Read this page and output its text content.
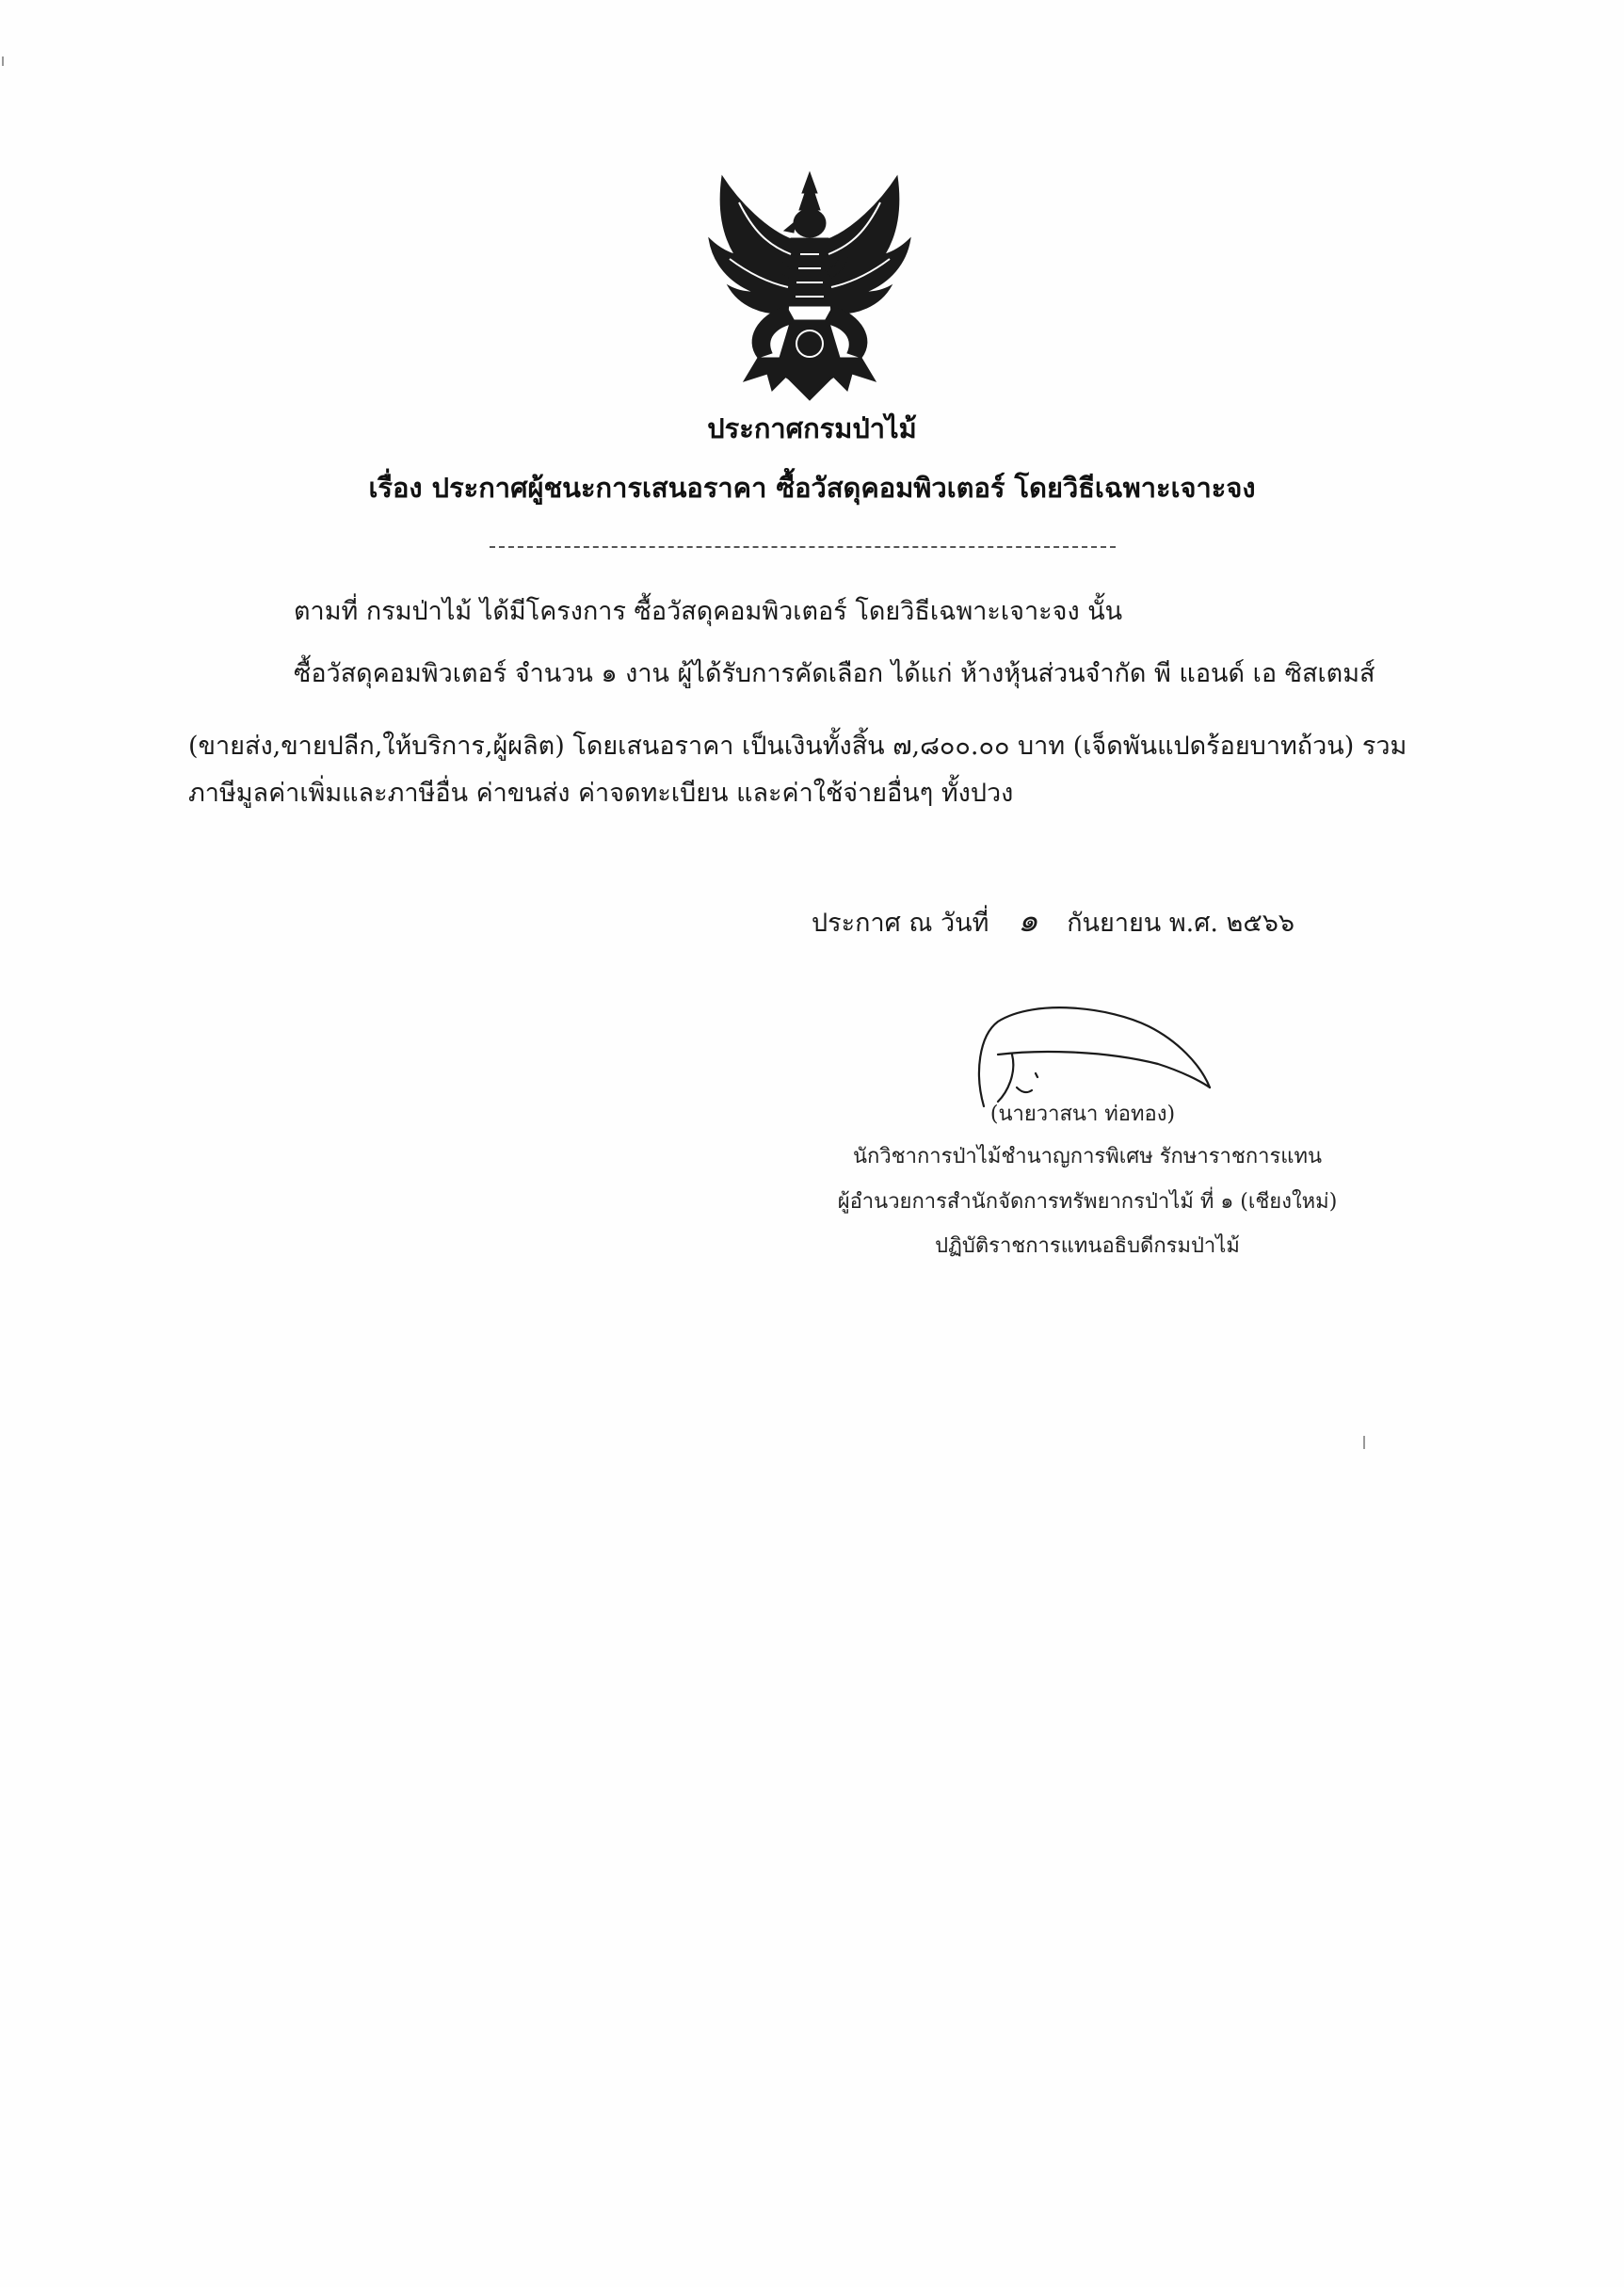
ประกาศกรมป่าไม้
เรื่อง ประกาศผู้ชนะการเสนอราคา ซื้อวัสดุคอมพิวเตอร์ โดยวิธีเฉพาะเจาะจง
ตามที่ กรมป่าไม้ ได้มีโครงการ ซื้อวัสดุคอมพิวเตอร์ โดยวิธีเฉพาะเจาะจง นั้น
ซื้อวัสดุคอมพิวเตอร์ จำนวน ๑ งาน ผู้ได้รับการคัดเลือก ได้แก่ ห้างหุ้นส่วนจำกัด พี แอนด์ เอ ซิสเตมส์
(ขายส่ง,ขายปลีก,ให้บริการ,ผู้ผลิต) โดยเสนอราคา เป็นเงินทั้งสิ้น ๗,๘๐๐.๐๐ บาท (เจ็ดพันแปดร้อยบาทถ้วน) รวม
ภาษีมูลค่าเพิ่มและภาษีอื่น ค่าขนส่ง ค่าจดทะเบียน และค่าใช้จ่ายอื่นๆ ทั้งปวง
ประกาศ ณ วันที่ ๑ กันยายน พ.ศ. ๒๕๖๖
(นายวาสนา ท่อทอง)
นักวิชาการป่าไม้ชำนาญการพิเศษ รักษาราชการแทน
ผู้อำนวยการสำนักจัดการทรัพยากรป่าไม้ ที่ ๑ (เชียงใหม่)
ปฏิบัติราชการแทนอธิบดีกรมป่าไม้
